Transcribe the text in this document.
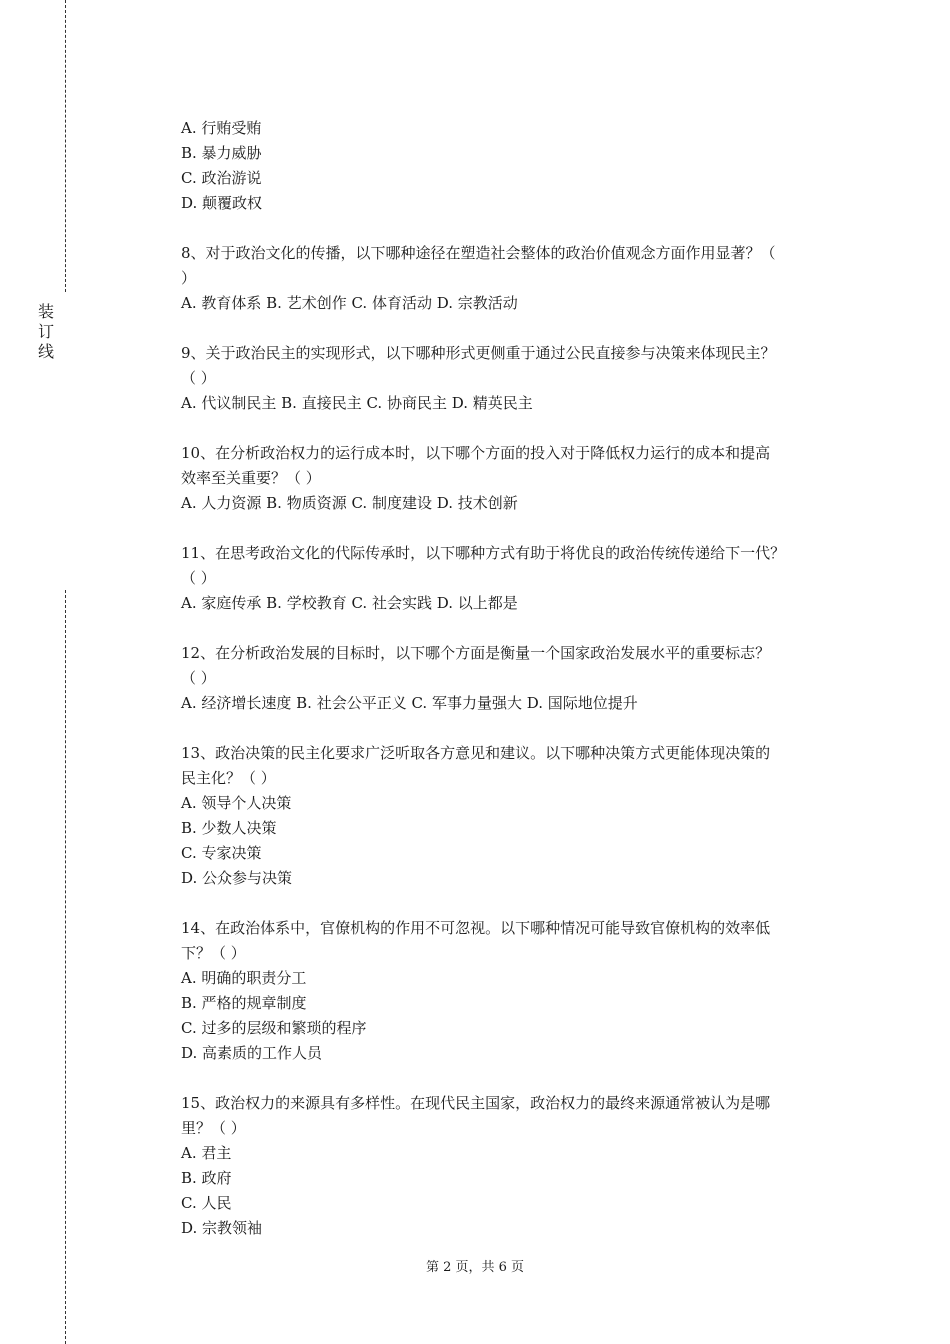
装
订
线
A. 行贿受贿
B. 暴力威胁
C. 政治游说
D. 颠覆政权
8、对于政治文化的传播，以下哪种途径在塑造社会整体的政治价值观念方面作用显著？（
）
A. 教育体系 B. 艺术创作 C. 体育活动 D. 宗教活动
9、关于政治民主的实现形式，以下哪种形式更侧重于通过公民直接参与决策来体现民主？
（ ）
A. 代议制民主 B. 直接民主 C. 协商民主 D. 精英民主
10、在分析政治权力的运行成本时，以下哪个方面的投入对于降低权力运行的成本和提高
效率至关重要？（ ）
A. 人力资源 B. 物质资源 C. 制度建设 D. 技术创新
11、在思考政治文化的代际传承时，以下哪种方式有助于将优良的政治传统传递给下一代？
（ ）
A. 家庭传承 B. 学校教育 C. 社会实践 D. 以上都是
12、在分析政治发展的目标时，以下哪个方面是衡量一个国家政治发展水平的重要标志？
（ ）
A. 经济增长速度 B. 社会公平正义 C. 军事力量强大 D. 国际地位提升
13、政治决策的民主化要求广泛听取各方意见和建议。以下哪种决策方式更能体现决策的
民主化？（ ）
A. 领导个人决策
B. 少数人决策
C. 专家决策
D. 公众参与决策
14、在政治体系中，官僚机构的作用不可忽视。以下哪种情况可能导致官僚机构的效率低
下？（ ）
A. 明确的职责分工
B. 严格的规章制度
C. 过多的层级和繁琐的程序
D. 高素质的工作人员
15、政治权力的来源具有多样性。在现代民主国家，政治权力的最终来源通常被认为是哪
里？（ ）
A. 君主
B. 政府
C. 人民
D. 宗教领袖
第 2 页，共 6 页
